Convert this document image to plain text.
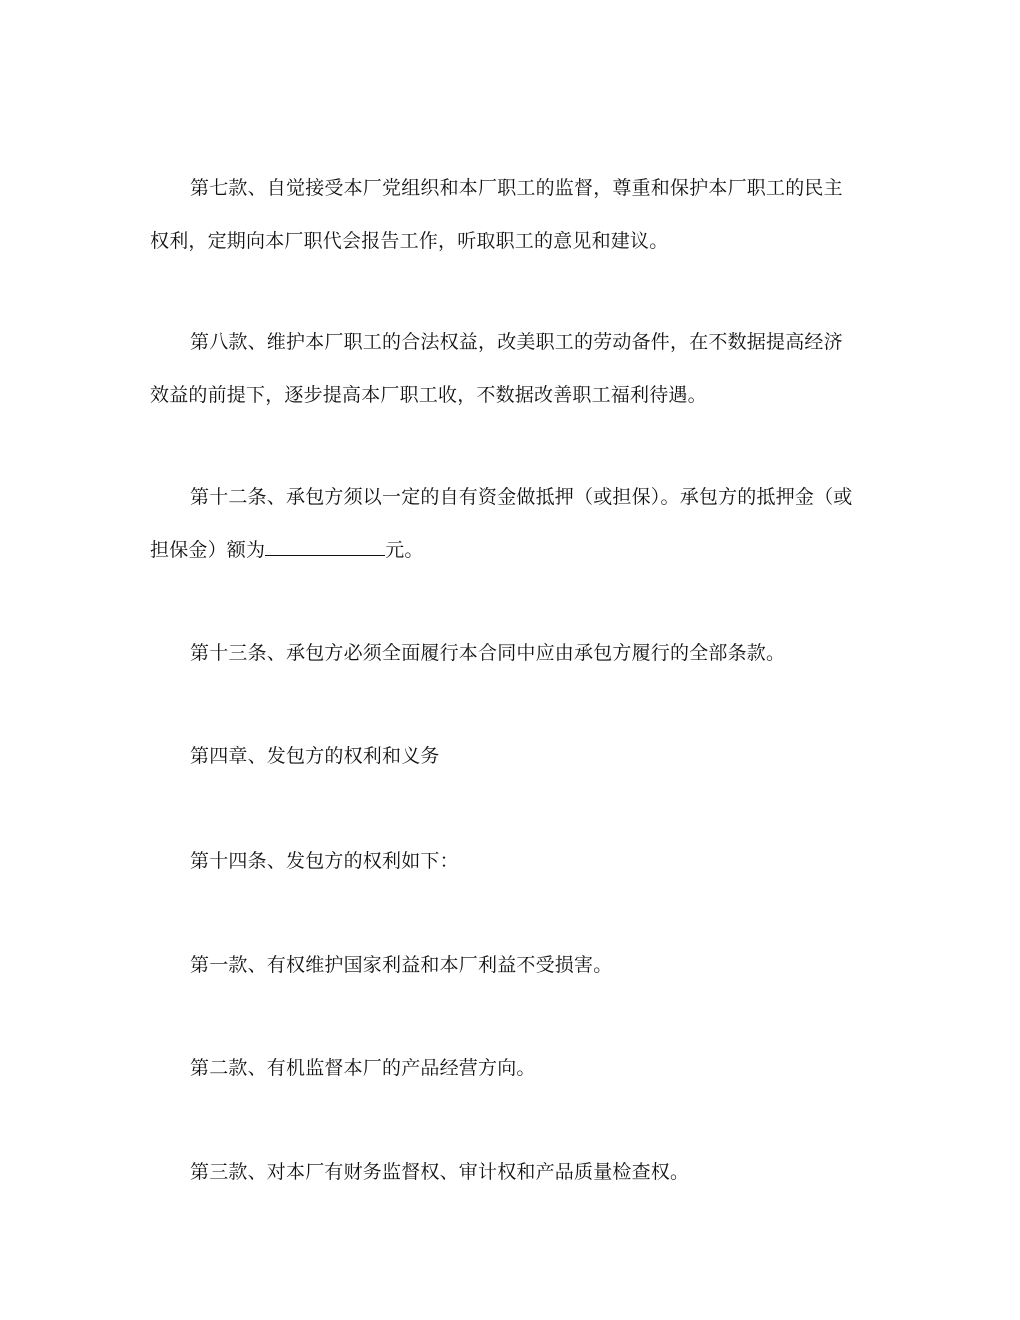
第七款、自觉接受本厂党组织和本厂职工的监督，尊重和保护本厂职工的民主
权利，定期向本厂职代会报告工作，听取职工的意见和建议。
第八款、维护本厂职工的合法权益，改美职工的劳动备件，在不数据提高经济
效益的前提下，逐步提高本厂职工收，不数据改善职工福利待遇。
第十二条、承包方须以一定的自有资金做抵押（或担保）。承包方的抵押金（或
担保金）额为	元。
第十三条、承包方必须全面履行本合同中应由承包方履行的全部条款。
第四章、发包方的权利和义务
第十四条、发包方的权利如下：
第一款、有权维护国家利益和本厂利益不受损害。
第二款、有机监督本厂的产品经营方向。
第三款、对本厂有财务监督权、审计权和产品质量检查权。
